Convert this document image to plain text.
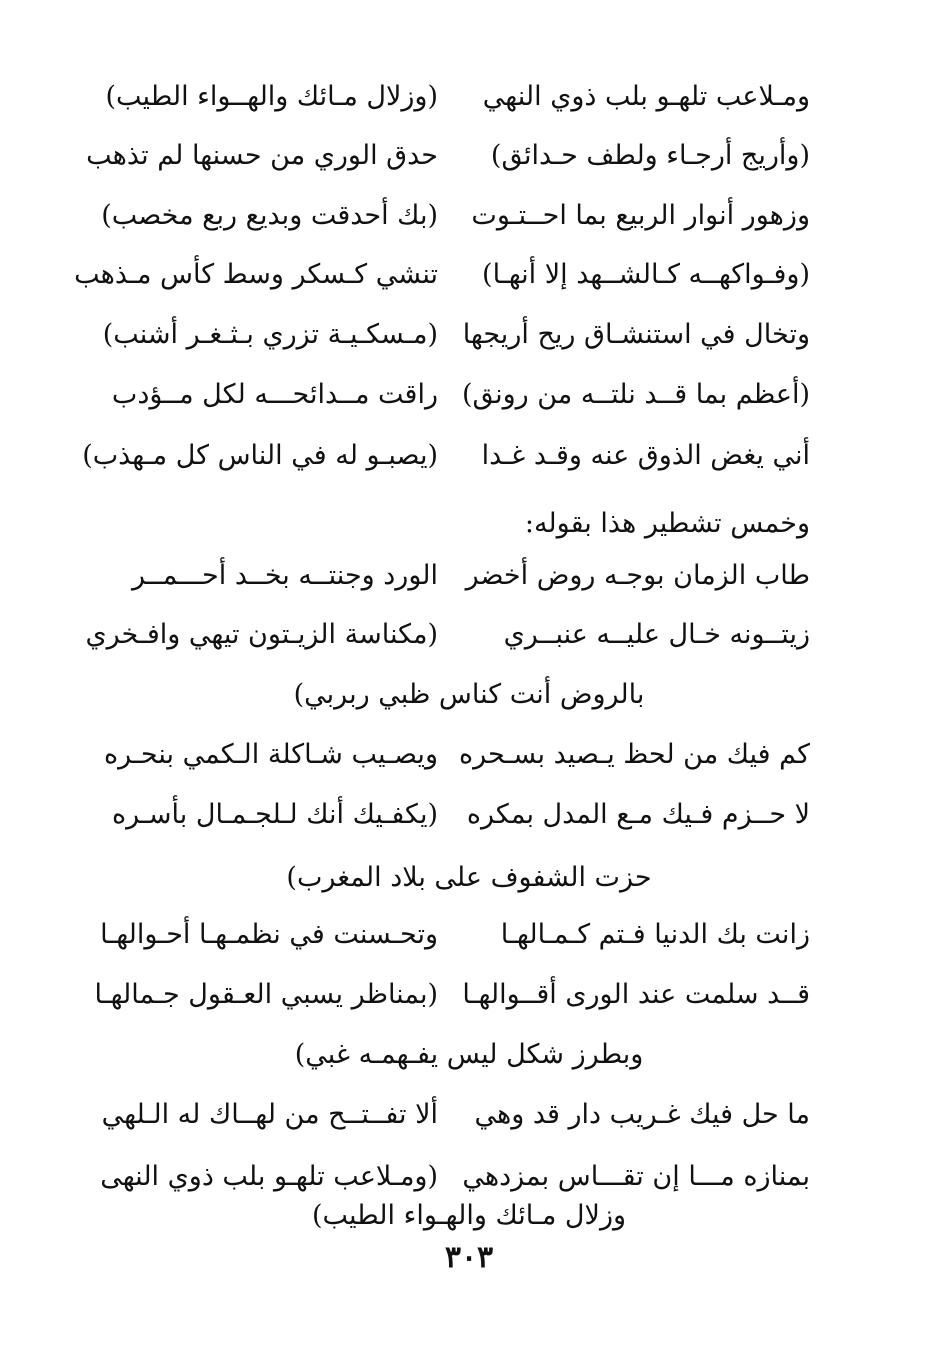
ومـلاعب تلهـو بلب ذوي النهي
(وزلال مـائك والهــواء الطيب)
(وأريج أرجـاء ولطف حـدائق)
حدق الوري من حسنها لم تذهب
وزهور أنوار الربيع بما احــتـوت
(بك أحدقت وبديع ربع مخصب)
(وفـواكهــه كـالشــهد إلا أنهـا)
تنشي كـسكر وسط كأس مـذهب
وتخال في استنشـاق ريح أريجها
(مـسكـيـة تزري بـثـغـر أشنب)
(أعظم بما قــد نلتــه من رونق)
راقت مــدائحـــه لكل مــؤدب
أني يغض الذوق عنه وقـد غـدا
(يصبـو له في الناس كل مـهذب)
وخمس تشطير هذا بقوله:
طاب الزمان بوجـه روض أخضر
الورد وجنتــه بخــد أحـــمــر
زيتــونه خـال عليــه عنبــري
(مكناسة الزيـتون تيهي وافـخري
بالروض أنت كناس ظبي ربربي)
كم فيك من لحظ يـصيد بسـحره
ويصـيب شـاكلة الـكمي بنحـره
لا حــزم فـيك مـع المدل بمكره
(يكفـيك أنك لـلجـمـال بأسـره
حزت الشفوف على بلاد المغرب)
زانت بك الدنيا فـتم كـمـالهـا
وتحـسنت في نظمـهـا أحـوالهـا
قــد سلمت عند الورى أقــوالهـا
(بمناظر يسبي العـقول جـمالهـا
وبطرز شكل ليس يفـهمـه غبي)
ما حل فيك غـريب دار قد وهي
ألا تفــتــح من لهــاك له الـلهي
بمنازه مـــا إن تقـــاس بمزدهي
(ومـلاعب تلهـو بلب ذوي النهى
وزلال مـائك والهـواء الطيب)
٣٠٣
